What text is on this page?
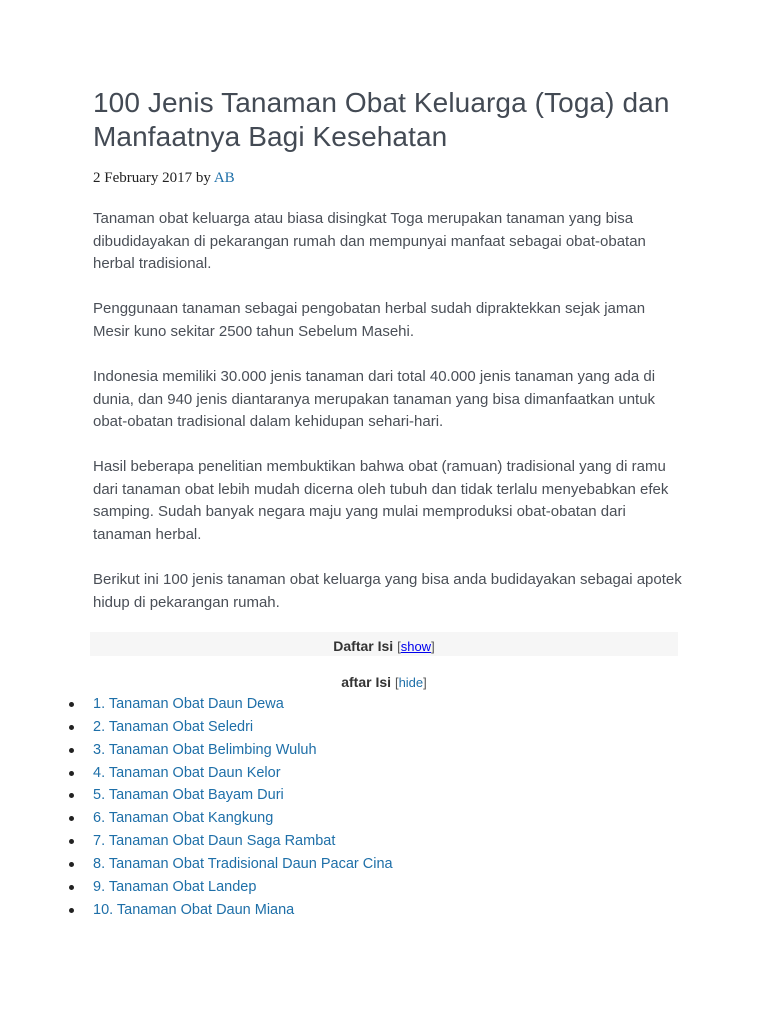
100 Jenis Tanaman Obat Keluarga (Toga) dan Manfaatnya Bagi Kesehatan
2 February 2017 by AB

Tanaman obat keluarga atau biasa disingkat Toga merupakan tanaman yang bisa dibudidayakan di pekarangan rumah dan mempunyai manfaat sebagai obat-obatan herbal tradisional.

Penggunaan tanaman sebagai pengobatan herbal sudah dipraktekkan sejak jaman Mesir kuno sekitar 2500 tahun Sebelum Masehi.

Indonesia memiliki 30.000 jenis tanaman dari total 40.000 jenis tanaman yang ada di dunia, dan 940 jenis diantaranya merupakan tanaman yang bisa dimanfaatkan untuk obat-obatan tradisional dalam kehidupan sehari-hari.

Hasil beberapa penelitian membuktikan bahwa obat (ramuan) tradisional yang di ramu dari tanaman obat lebih mudah dicerna oleh tubuh dan tidak terlalu menyebabkan efek samping. Sudah banyak negara maju yang mulai memproduksi obat-obatan dari tanaman herbal.

Berikut ini 100 jenis tanaman obat keluarga yang bisa anda budidayakan sebagai apotek hidup di pekarangan rumah.

Daftar Isi [show]
aftar Isi [hide]
1. Tanaman Obat Daun Dewa
2. Tanaman Obat Seledri
3. Tanaman Obat Belimbing Wuluh
4. Tanaman Obat Daun Kelor
5. Tanaman Obat Bayam Duri
6. Tanaman Obat Kangkung
7. Tanaman Obat Daun Saga Rambat
8. Tanaman Obat Tradisional Daun Pacar Cina
9. Tanaman Obat Landep
10. Tanaman Obat Daun Miana
